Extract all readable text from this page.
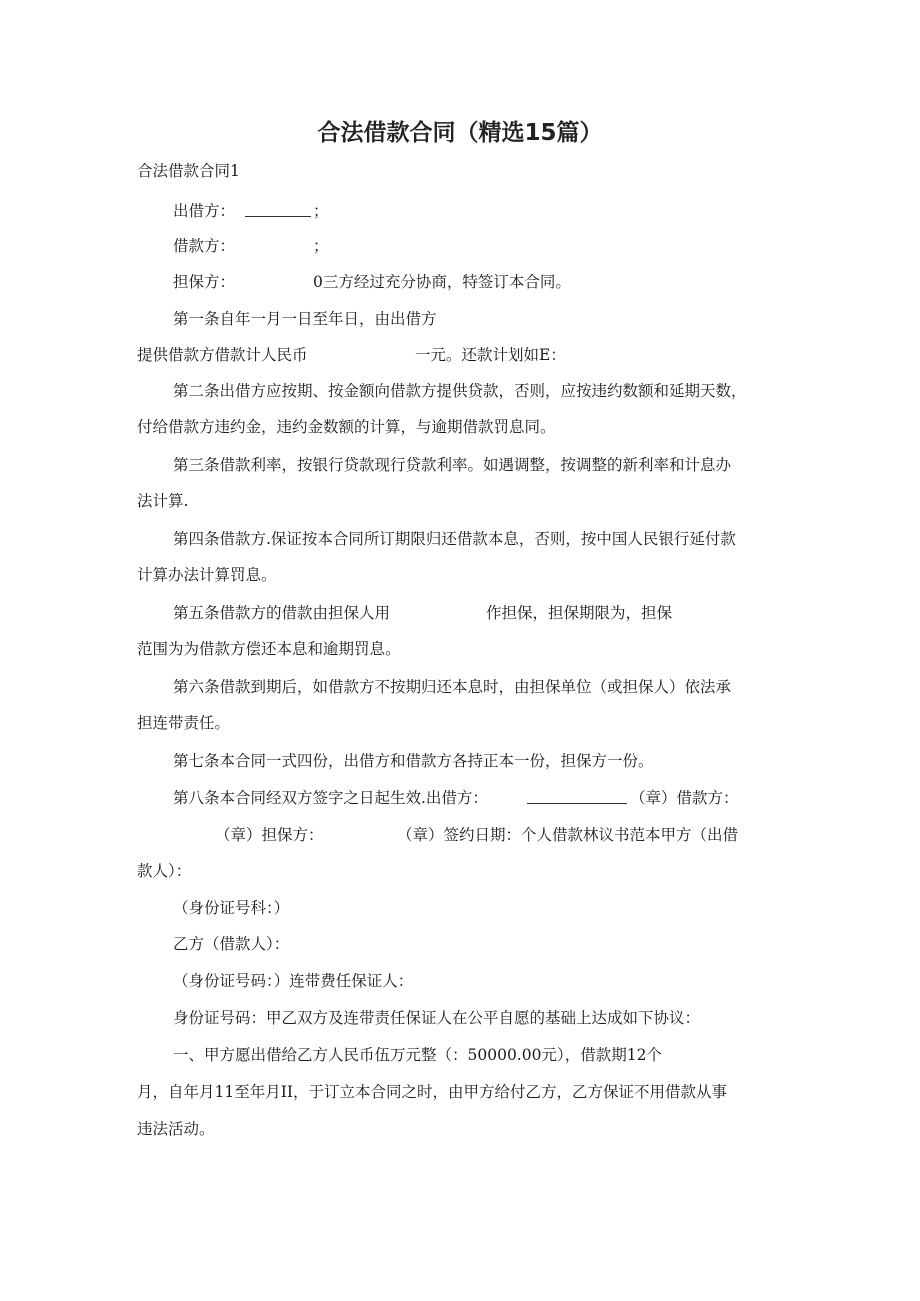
合法借款合同（精选15篇）
合法借款合同1
出借方：	；
借款方：	；
担保方：	0三方经过充分协商，特签订本合同。
第一条自年一月一日至年日，由出借方
提供借款方借款计人民币	一元。还款计划如E：
第二条出借方应按期、按金额向借款方提供贷款，否则，应按违约数额和延期天数，
付给借款方违约金，违约金数额的计算，与逾期借款罚息同。
第三条借款利率，按银行贷款现行贷款利率。如遇调整，按调整的新利率和计息办
法计算.
第四条借款方.保证按本合同所订期限归还借款本息，否则，按中国人民银行延付款
计算办法计算罚息。
第五条借款方的借款由担保人用	作担保，担保期限为，担保
范围为为借款方偿还本息和逾期罚息。
第六条借款到期后，如借款方不按期归还本息时，由担保单位（或担保人）依法承
担连带责任。
第七条本合同一式四份，出借方和借款方各持正本一份，担保方一份。
第八条本合同经双方签字之日起生效.出借方：	（章）借款方：
（章）担保方：	（章）签约日期：个人借款林议书范本甲方（出借
款人）：
（身份证号科：）
乙方（借款人）：
（身份证号码：）连带费任保证人：
身份证号码：甲乙双方及连带责任保证人在公平自愿的基础上达成如下协议：
一、甲方愿出借给乙方人民币伍万元整（：50000.00元），借款期12个
月，自年月11至年月II，于订立本合同之时，由甲方给付乙方，乙方保证不用借款从事
违法活动。
